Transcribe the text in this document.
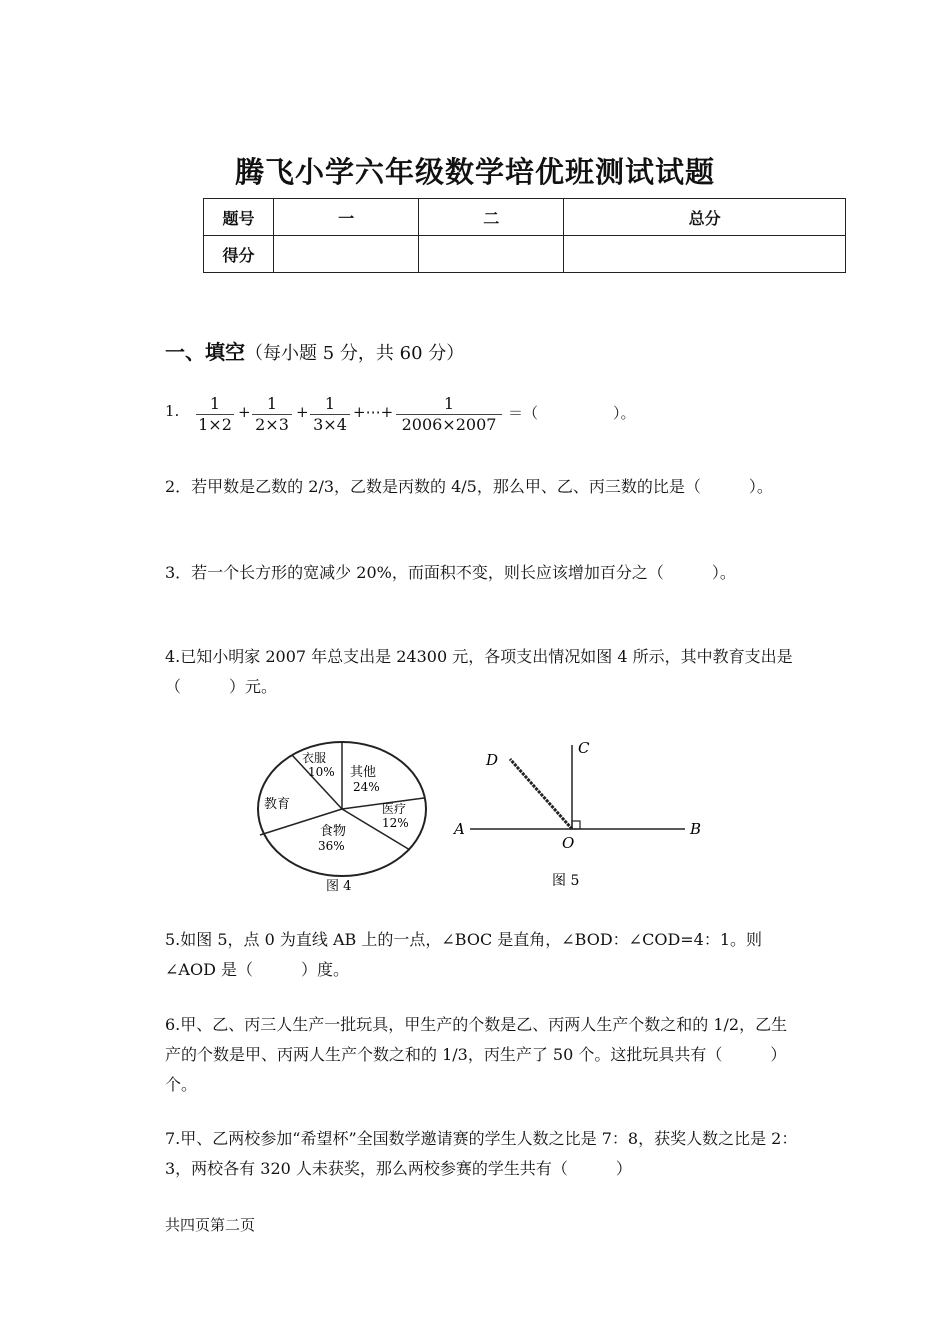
腾飞小学六年级数学培优班测试试题
题号	一	二	总分
得分			
一、填空（每小题 5 分，共 60 分）
1.	1
1×2
+	1
2×3
+	1
3×4
+⋯+	1
2006×2007
＝（　　　　　）。
2．若甲数是乙数的 2/3，乙数是丙数的 4/5，那么甲、乙、丙三数的比是（　　　）。
3．若一个长方形的宽减少 20%，而面积不变，则长应该增加百分之（　　　）。
4.已知小明家 2007 年总支出是 24300 元，各项支出情况如图 4 所示，其中教育支出是（　　　）元。
衣服
10% 其他
24%
医疗
12%
食物
36%
教育
图 4
A	B
C
D
O
图 5
5.如图 5，点 0 为直线 AB 上的一点，∠BOC 是直角，∠BOD：∠COD=4：1。则∠AOD 是（　　　）度。
6.甲、乙、丙三人生产一批玩具，甲生产的个数是乙、丙两人生产个数之和的 1/2，乙生产的个数是甲、丙两人生产个数之和的 1/3，丙生产了 50 个。这批玩具共有（　　　）个。
7.甲、乙两校参加“希望杯”全国数学邀请赛的学生人数之比是 7：8，获奖人数之比是 2：3，两校各有 320 人未获奖，那么两校参赛的学生共有（　　　）
共四页第二页
